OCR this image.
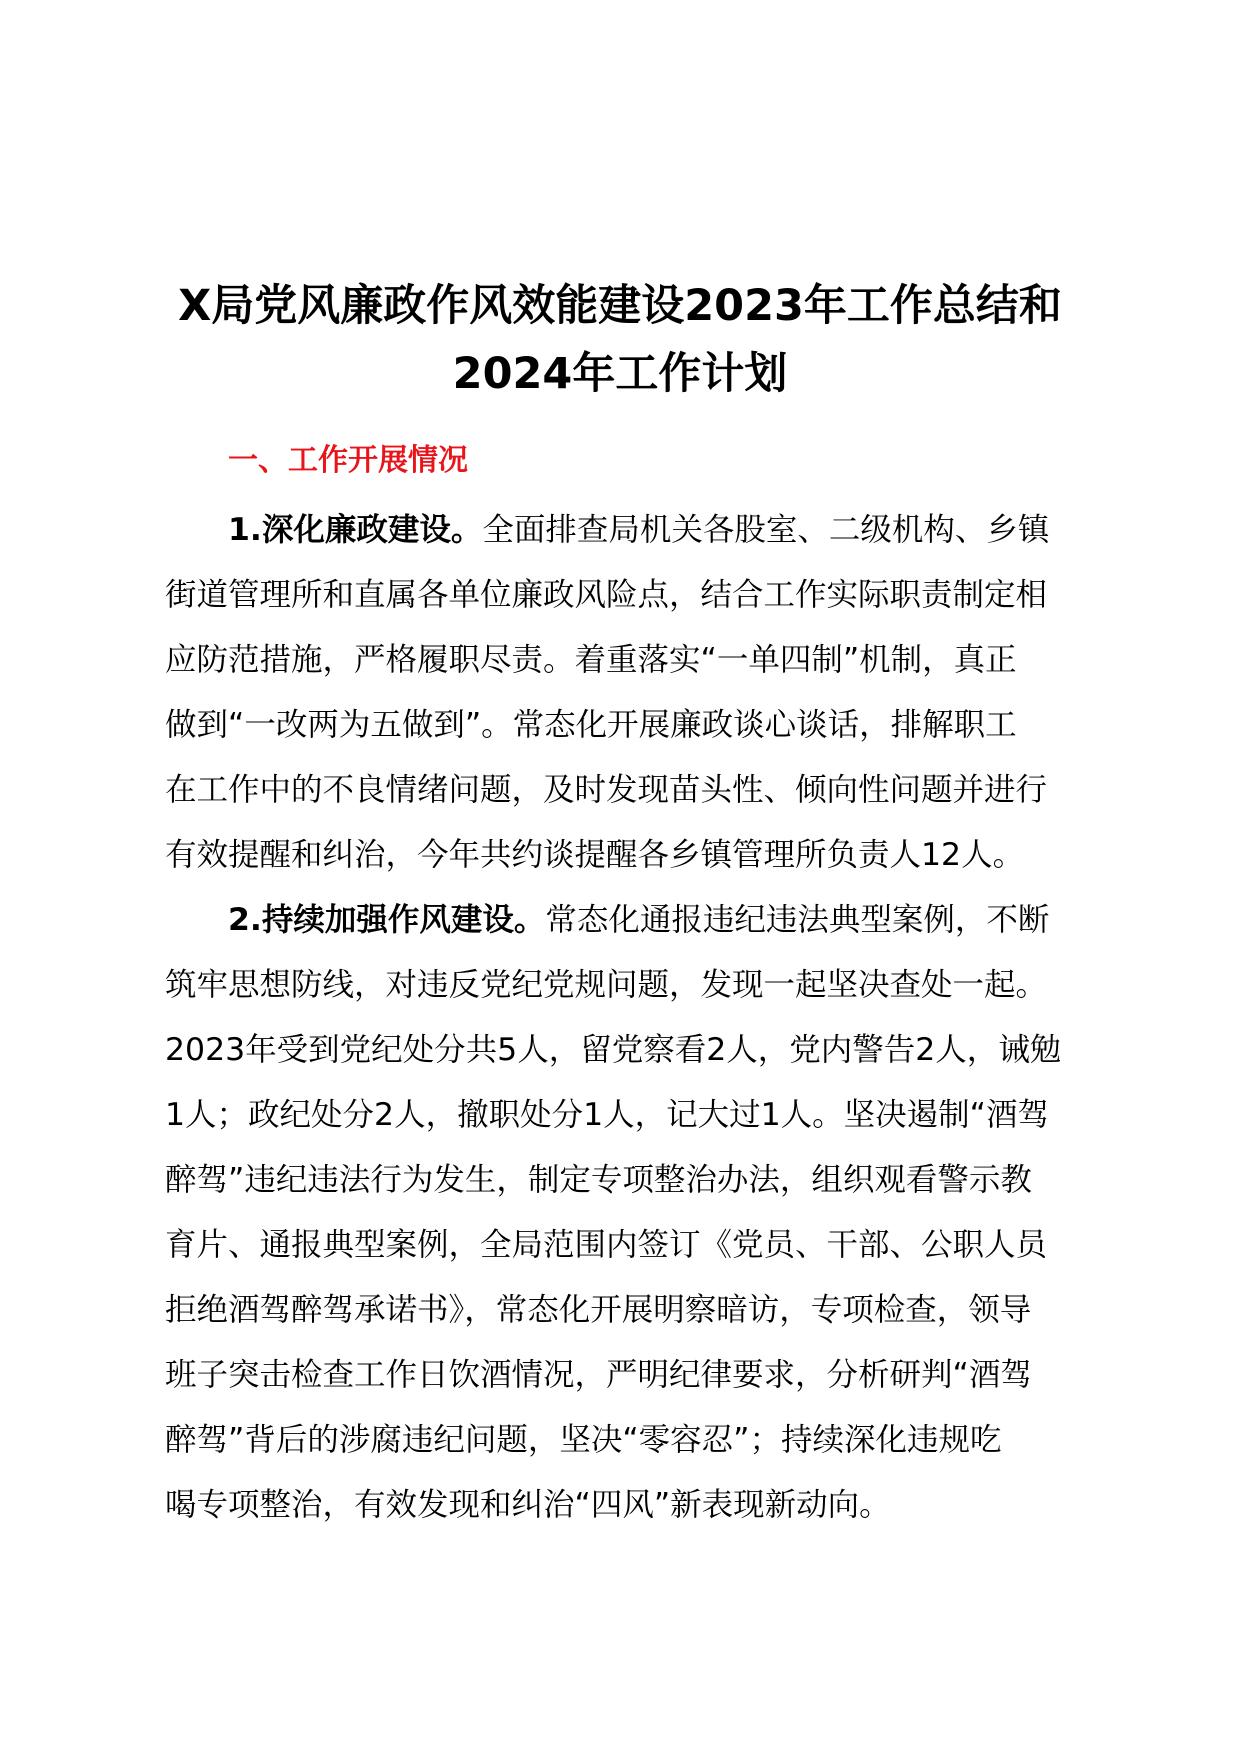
X局党风廉政作风效能建设2023年工作总结和
2024年工作计划
一、工作开展情况
1.深化廉政建设。全面排查局机关各股室、二级机构、乡镇
街道管理所和直属各单位廉政风险点，结合工作实际职责制定相
应防范措施，严格履职尽责。着重落实“一单四制”机制，真正
做到“一改两为五做到”。常态化开展廉政谈心谈话，排解职工
在工作中的不良情绪问题，及时发现苗头性、倾向性问题并进行
有效提醒和纠治，今年共约谈提醒各乡镇管理所负责人12人。
2.持续加强作风建设。常态化通报违纪违法典型案例，不断
筑牢思想防线，对违反党纪党规问题，发现一起坚决查处一起。
2023年受到党纪处分共5人，留党察看2人，党内警告2人，诫勉
1人；政纪处分2人，撤职处分1人，记大过1人。坚决遏制“酒驾
醉驾”违纪违法行为发生，制定专项整治办法，组织观看警示教
育片、通报典型案例，全局范围内签订《党员、干部、公职人员
拒绝酒驾醉驾承诺书》，常态化开展明察暗访，专项检查，领导
班子突击检查工作日饮酒情况，严明纪律要求，分析研判“酒驾
醉驾”背后的涉腐违纪问题，坚决“零容忍”；持续深化违规吃
喝专项整治，有效发现和纠治“四风”新表现新动向。
